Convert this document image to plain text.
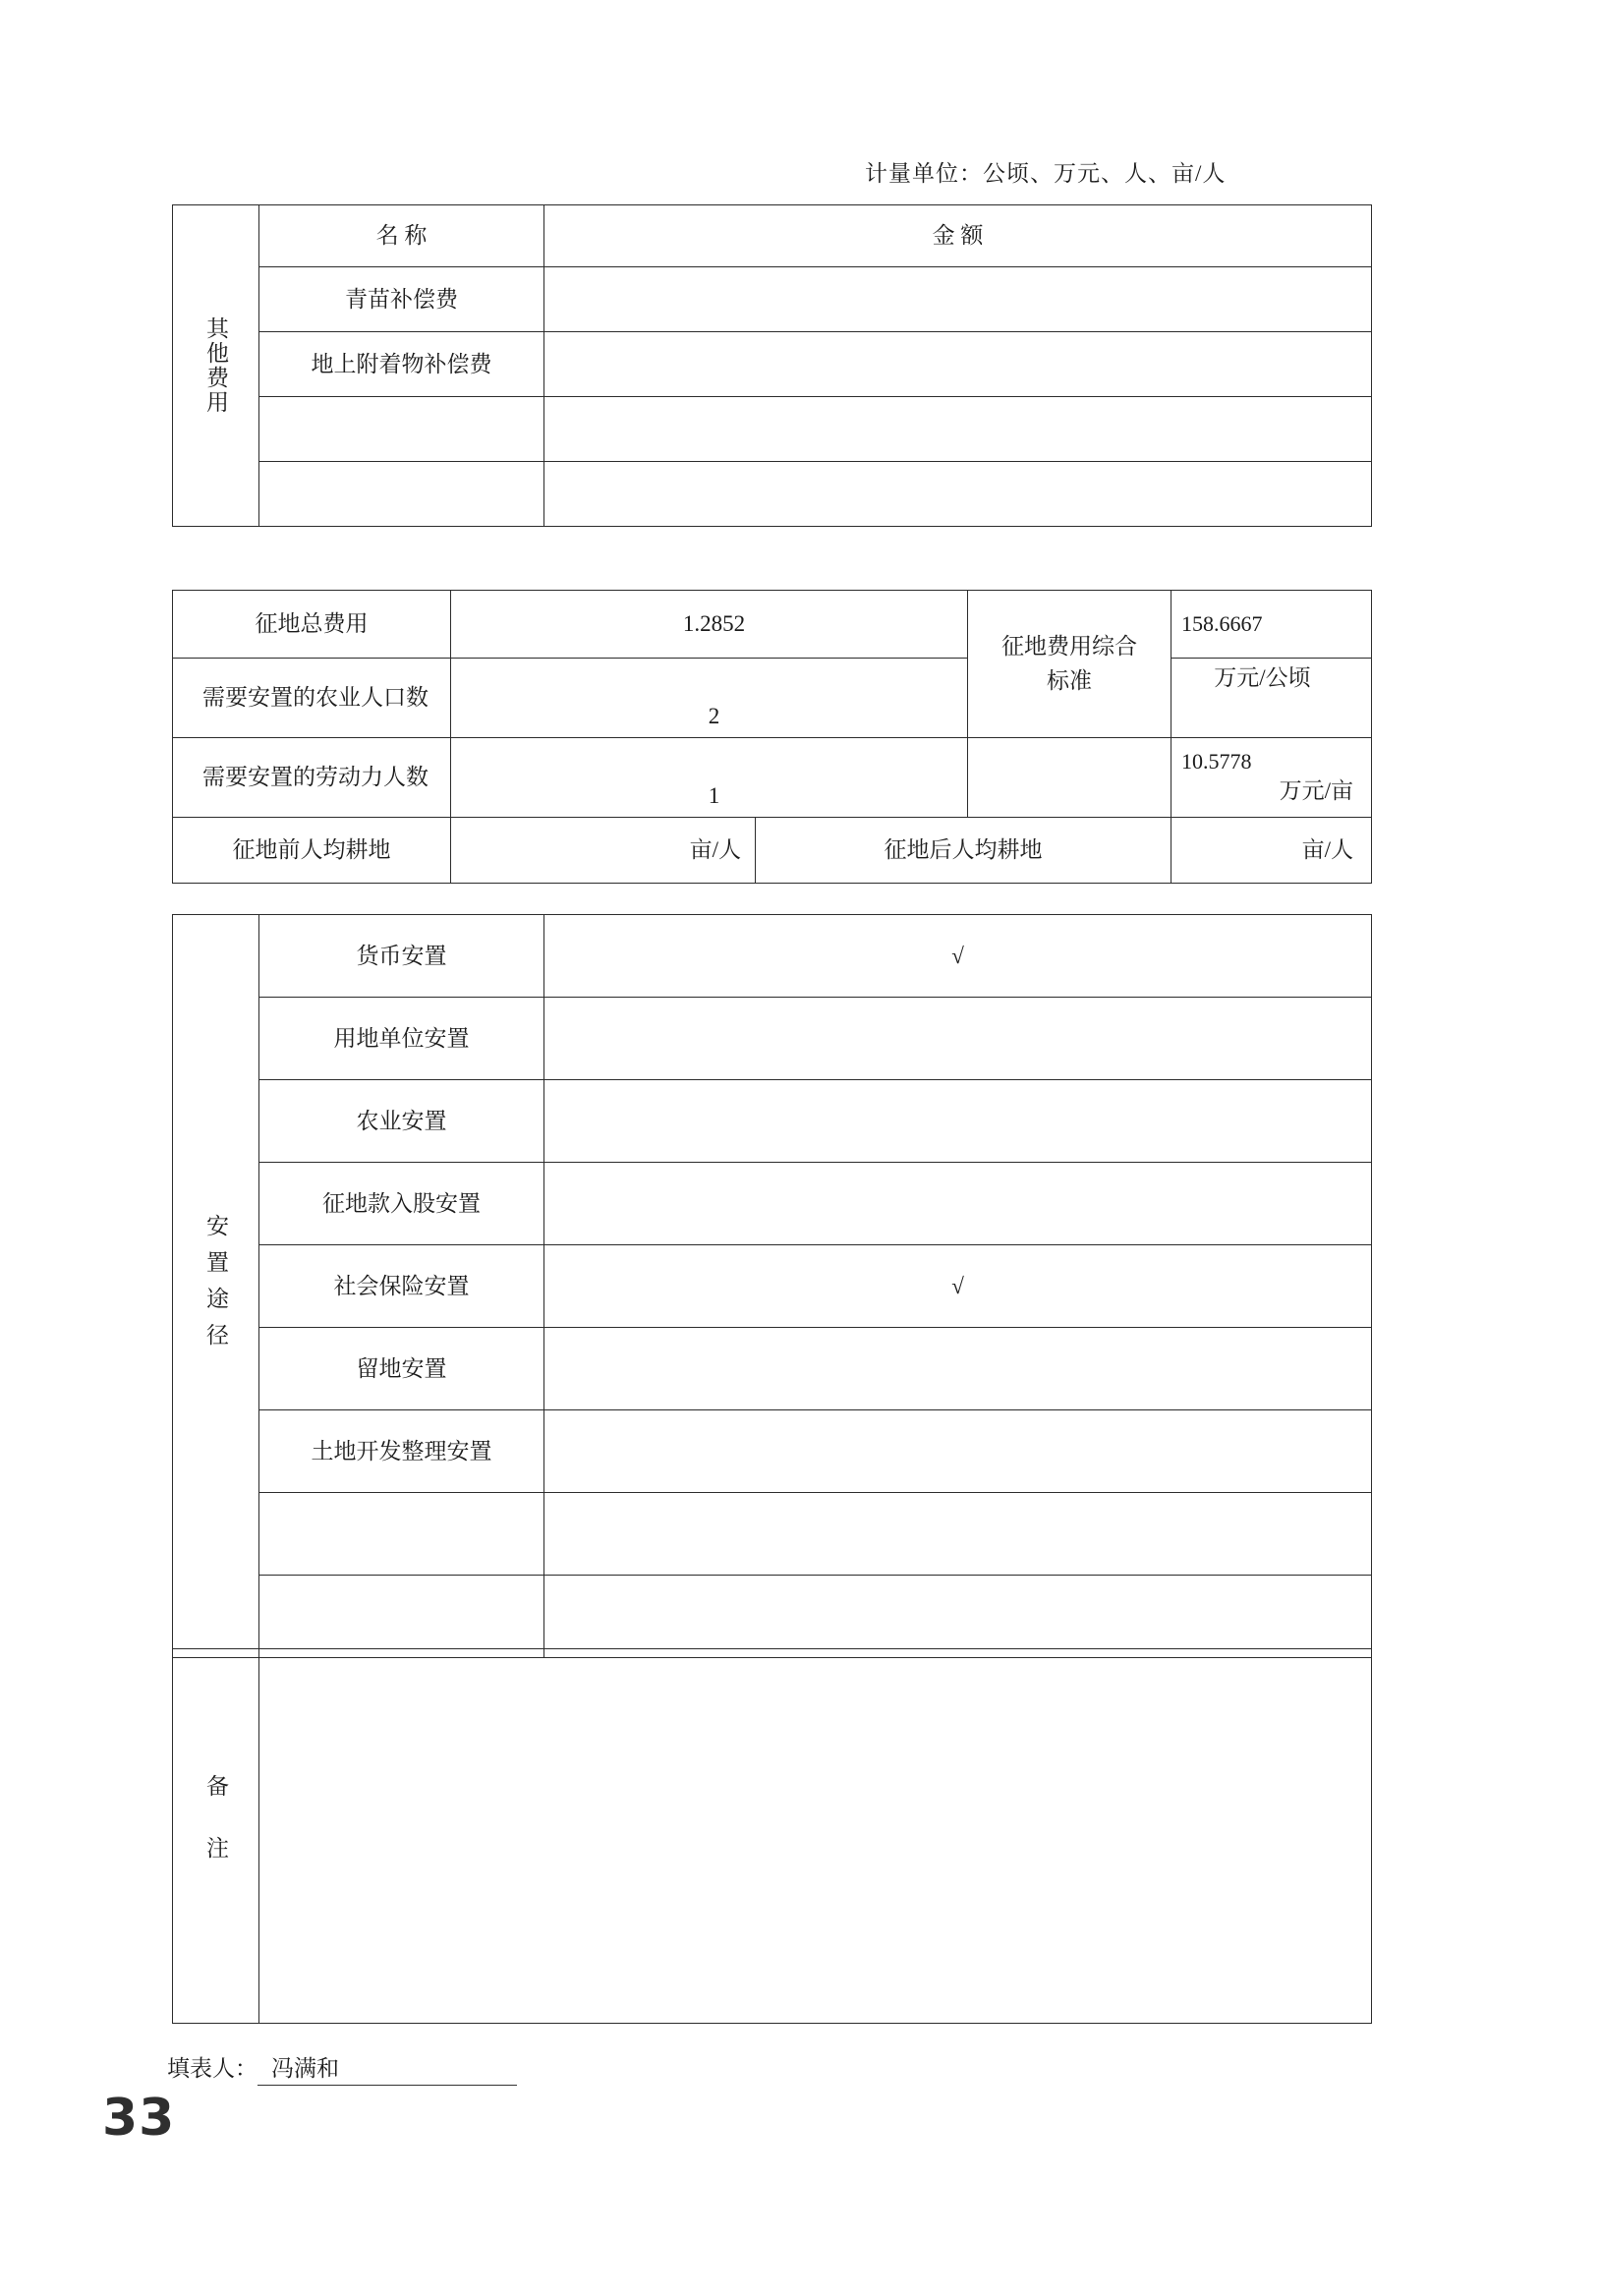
计量单位：公顷、万元、人、亩/人
其他费用	名 称	金 额
	青苗补偿费	
	地上附着物补偿费	

征地总费用	1.2852		征地费用综合标准	158.6667

需要安置的农业人口数	2			万元/公顷
需要安置的劳动力人数	1			10.5778
万元/亩

征地前人均耕地	亩/人	征地后人均耕地		亩/人
安置途径	货币安置	√
	用地单位安置	
	农业安置	
	征地款入股安置	
	社会保险安置	√
	留地安置	
	土地开发整理安置	

备注	
填表人： 冯满和
33
